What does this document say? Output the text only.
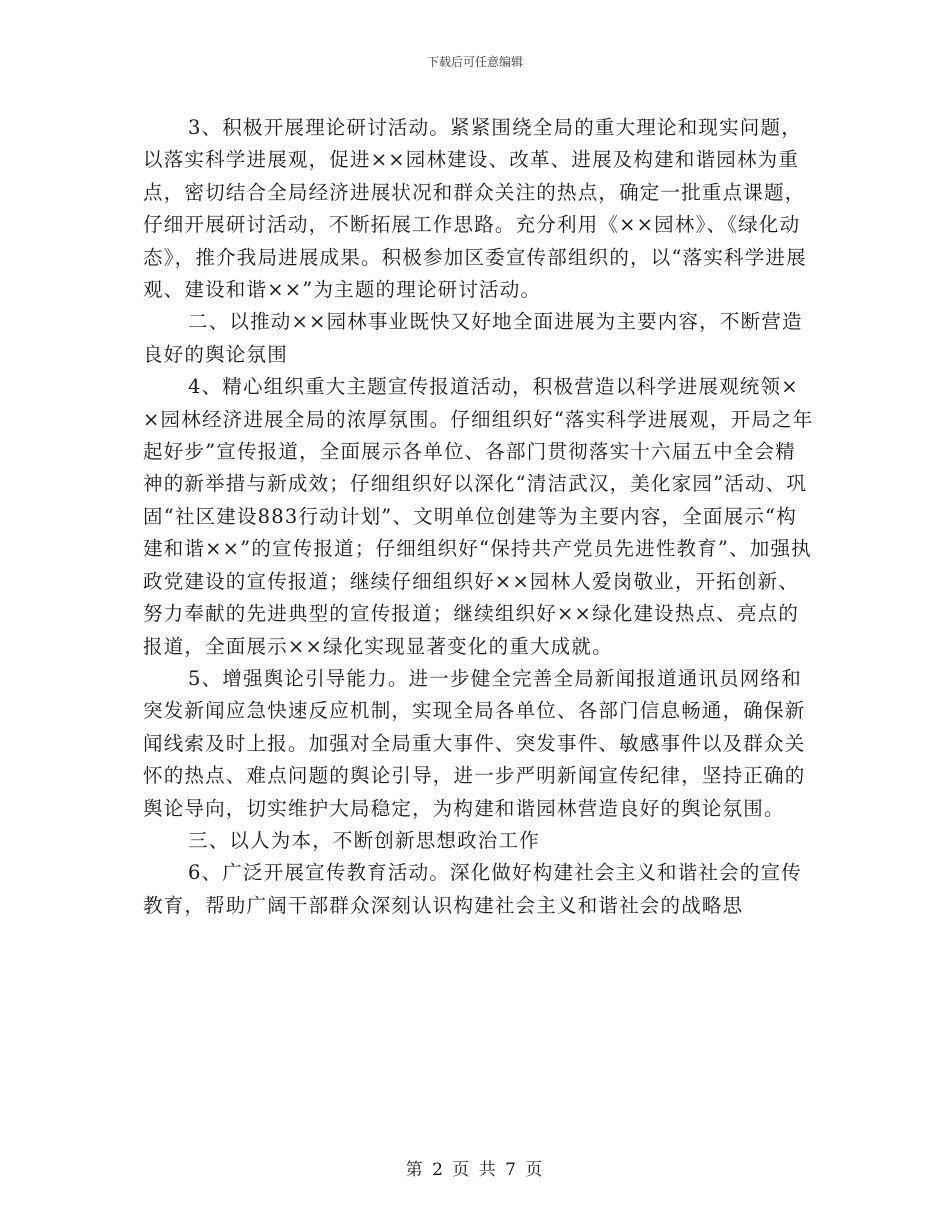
下载后可任意编辑

3、积极开展理论研讨活动。紧紧围绕全局的重大理论和现实问题，以落实科学进展观，促进××园林建设、改革、进展及构建和谐园林为重点，密切结合全局经济进展状况和群众关注的热点，确定一批重点课题，仔细开展研讨活动，不断拓展工作思路。充分利用《××园林》、《绿化动态》，推介我局进展成果。积极参加区委宣传部组织的，以“落实科学进展观、建设和谐××”为主题的理论研讨活动。

二、以推动××园林事业既快又好地全面进展为主要内容，不断营造良好的舆论氛围

4、精心组织重大主题宣传报道活动，积极营造以科学进展观统领××园林经济进展全局的浓厚氛围。仔细组织好“落实科学进展观，开局之年起好步”宣传报道，全面展示各单位、各部门贯彻落实十六届五中全会精神的新举措与新成效；仔细组织好以深化“清洁武汉，美化家园”活动、巩固“社区建设883行动计划”、文明单位创建等为主要内容，全面展示“构建和谐××”的宣传报道；仔细组织好“保持共产党员先进性教育”、加强执政党建设的宣传报道；继续仔细组织好××园林人爱岗敬业，开拓创新、努力奉献的先进典型的宣传报道；继续组织好××绿化建设热点、亮点的报道，全面展示××绿化实现显著变化的重大成就。

5、增强舆论引导能力。进一步健全完善全局新闻报道通讯员网络和突发新闻应急快速反应机制，实现全局各单位、各部门信息畅通，确保新闻线索及时上报。加强对全局重大事件、突发事件、敏感事件以及群众关怀的热点、难点问题的舆论引导，进一步严明新闻宣传纪律，坚持正确的舆论导向，切实维护大局稳定，为构建和谐园林营造良好的舆论氛围。

三、以人为本，不断创新思想政治工作

6、广泛开展宣传教育活动。深化做好构建社会主义和谐社会的宣传教育，帮助广阔干部群众深刻认识构建社会主义和谐社会的战略思

第 2 页 共 7 页
